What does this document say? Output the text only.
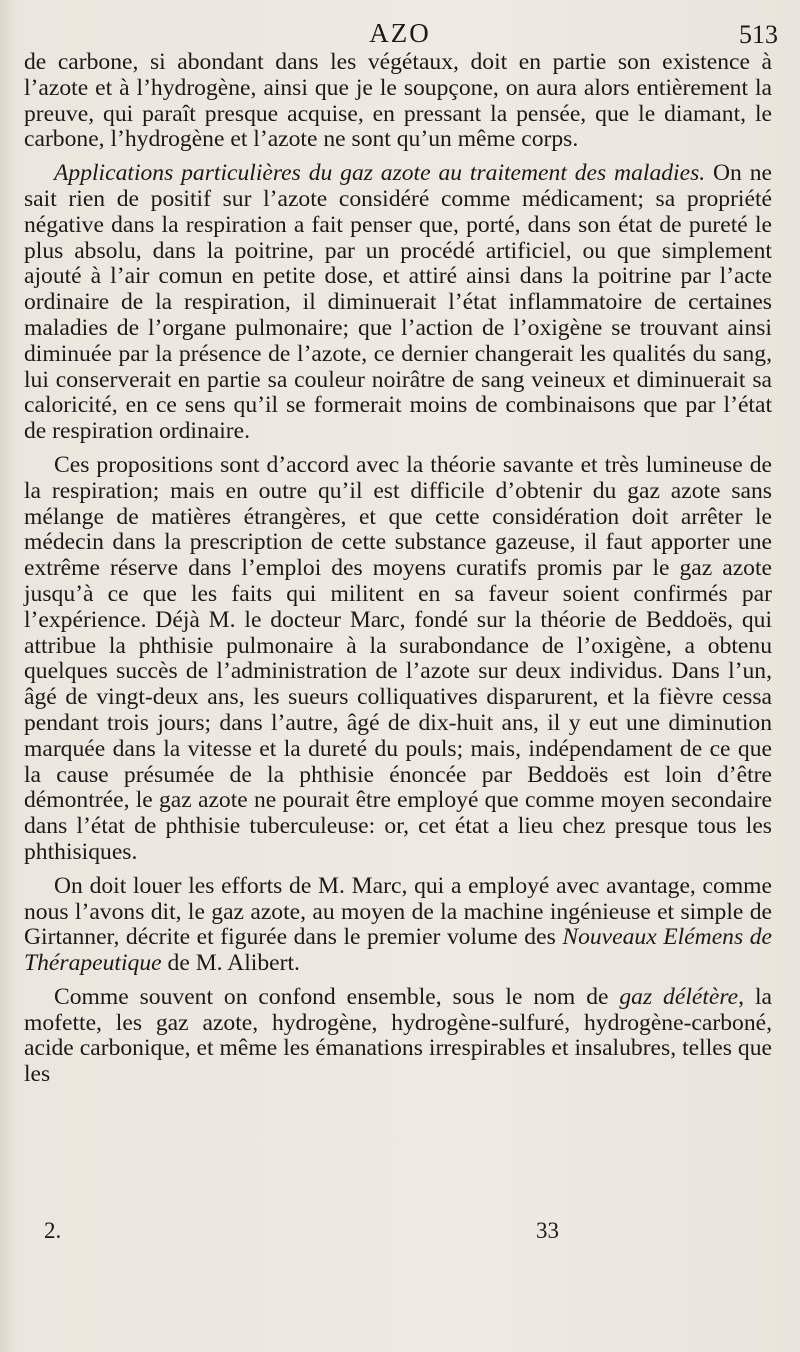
AZO	513

de carbone, si abondant dans les végétaux, doit en partie son existence à l’azote et à l’hydrogène, ainsi que je le soupçone, on aura alors entièrement la preuve, qui paraît presque acquise, en pressant la pensée, que le diamant, le carbone, l’hydrogène et l’azote ne sont qu’un même corps.

Applications particulières du gaz azote au traitement des maladies. On ne sait rien de positif sur l’azote considéré comme médicament; sa propriété négative dans la respiration a fait penser que, porté, dans son état de pureté le plus absolu, dans la poitrine, par un procédé artificiel, ou que simplement ajouté à l’air comun en petite dose, et attiré ainsi dans la poitrine par l’acte ordinaire de la respiration, il diminuerait l’état inflammatoire de certaines maladies de l’organe pulmonaire; que l’action de l’oxigène se trouvant ainsi diminuée par la présence de l’azote, ce dernier changerait les qualités du sang, lui conserverait en partie sa couleur noirâtre de sang veineux et diminuerait sa caloricité, en ce sens qu’il se formerait moins de combinaisons que par l’état de respiration ordinaire.

Ces propositions sont d’accord avec la théorie savante et très lumineuse de la respiration; mais en outre qu’il est difficile d’obtenir du gaz azote sans mélange de matières étrangères, et que cette considération doit arrêter le médecin dans la prescription de cette substance gazeuse, il faut apporter une extrême réserve dans l’emploi des moyens curatifs promis par le gaz azote jusqu’à ce que les faits qui militent en sa faveur soient confirmés par l’expérience. Déjà M. le docteur Marc, fondé sur la théorie de Beddoës, qui attribue la phthisie pulmonaire à la surabondance de l’oxigène, a obtenu quelques succès de l’administration de l’azote sur deux individus. Dans l’un, âgé de vingt-deux ans, les sueurs colliquatives disparurent, et la fièvre cessa pendant trois jours; dans l’autre, âgé de dix-huit ans, il y eut une diminution marquée dans la vitesse et la dureté du pouls; mais, indépendament de ce que la cause présumée de la phthisie énoncée par Beddoës est loin d’être démontrée, le gaz azote ne pourait être employé que comme moyen secondaire dans l’état de phthisie tuberculeuse: or, cet état a lieu chez presque tous les phthisiques.

On doit louer les efforts de M. Marc, qui a employé avec avantage, comme nous l’avons dit, le gaz azote, au moyen de la machine ingénieuse et simple de Girtanner, décrite et figurée dans le premier volume des Nouveaux Elémens de Thérapeutique de M. Alibert.

Comme souvent on confond ensemble, sous le nom de gaz délétère, la mofette, les gaz azote, hydrogène, hydrogène-sulfuré, hydrogène-carboné, acide carbonique, et même les émanations irrespirables et insalubres, telles que les

2.	33
